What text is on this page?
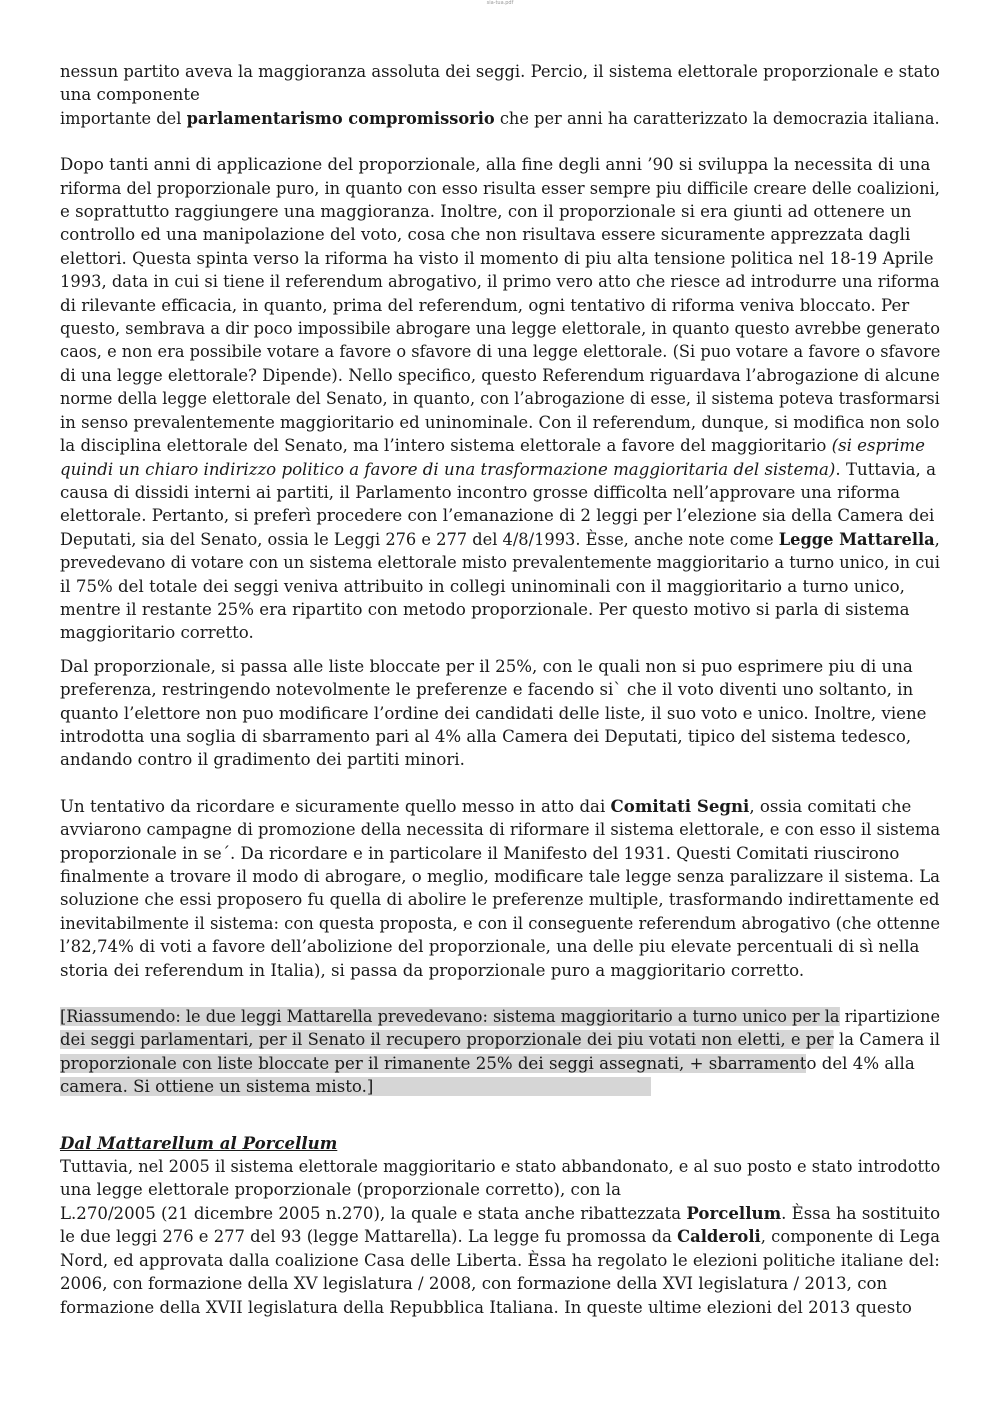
sia-tua.pdf
nessun partito aveva la maggioranza assoluta dei seggi. Percio, il sistema elettorale proporzionale e stato
una componente
importante del parlamentarismo compromissorio che per anni ha caratterizzato la democrazia italiana.
Dopo tanti anni di applicazione del proporzionale, alla fine degli anni ’90 si sviluppa la necessita di una
riforma del proporzionale puro, in quanto con esso risulta esser sempre piu difficile creare delle coalizioni,
e soprattutto raggiungere una maggioranza. Inoltre, con il proporzionale si era giunti ad ottenere un
controllo ed una manipolazione del voto, cosa che non risultava essere sicuramente apprezzata dagli
elettori. Questa spinta verso la riforma ha visto il momento di piu alta tensione politica nel 18-19 Aprile
1993, data in cui si tiene il referendum abrogativo, il primo vero atto che riesce ad introdurre una riforma
di rilevante efficacia, in quanto, prima del referendum, ogni tentativo di riforma veniva bloccato. Per
questo, sembrava a dir poco impossibile abrogare una legge elettorale, in quanto questo avrebbe generato
caos, e non era possibile votare a favore o sfavore di una legge elettorale. (Si puo votare a favore o sfavore
di una legge elettorale? Dipende). Nello specifico, questo Referendum riguardava l’abrogazione di alcune
norme della legge elettorale del Senato, in quanto, con l’abrogazione di esse, il sistema poteva trasformarsi
in senso prevalentemente maggioritario ed uninominale. Con il referendum, dunque, si modifica non solo
la disciplina elettorale del Senato, ma l’intero sistema elettorale a favore del maggioritario (si esprime
quindi un chiaro indirizzo politico a favore di una trasformazione maggioritaria del sistema). Tuttavia, a
causa di dissidi interni ai partiti, il Parlamento incontro grosse difficolta nell’approvare una riforma
elettorale. Pertanto, si preferì procedere con l’emanazione di 2 leggi per l’elezione sia della Camera dei
Deputati, sia del Senato, ossia le Leggi 276 e 277 del 4/8/1993. Èsse, anche note come Legge Mattarella,
prevedevano di votare con un sistema elettorale misto prevalentemente maggioritario a turno unico, in cui
il 75% del totale dei seggi veniva attribuito in collegi uninominali con il maggioritario a turno unico,
mentre il restante 25% era ripartito con metodo proporzionale. Per questo motivo si parla di sistema
maggioritario corretto.
Dal proporzionale, si passa alle liste bloccate per il 25%, con le quali non si puo esprimere piu di una
preferenza, restringendo notevolmente le preferenze e facendo si` che il voto diventi uno soltanto, in
quanto l’elettore non puo modificare l’ordine dei candidati delle liste, il suo voto e unico. Inoltre, viene
introdotta una soglia di sbarramento pari al 4% alla Camera dei Deputati, tipico del sistema tedesco,
andando contro il gradimento dei partiti minori.
Un tentativo da ricordare e sicuramente quello messo in atto dai Comitati Segni, ossia comitati che
avviarono campagne di promozione della necessita di riformare il sistema elettorale, e con esso il sistema
proporzionale in se´. Da ricordare e in particolare il Manifesto del 1931. Questi Comitati riuscirono
finalmente a trovare il modo di abrogare, o meglio, modificare tale legge senza paralizzare il sistema. La
soluzione che essi proposero fu quella di abolire le preferenze multiple, trasformando indirettamente ed
inevitabilmente il sistema: con questa proposta, e con il conseguente referendum abrogativo (che ottenne
l’82,74% di voti a favore dell’abolizione del proporzionale, una delle piu elevate percentuali di sì nella
storia dei referendum in Italia), si passa da proporzionale puro a maggioritario corretto.
[Riassumendo: le due leggi Mattarella prevedevano: sistema maggioritario a turno unico per la ripartizione
dei seggi parlamentari, per il Senato il recupero proporzionale dei piu votati non eletti, e per la Camera il
proporzionale con liste bloccate per il rimanente 25% dei seggi assegnati, + sbarramento del 4% alla
camera. Si ottiene un sistema misto.]
Dal Mattarellum al Porcellum
Tuttavia, nel 2005 il sistema elettorale maggioritario e stato abbandonato, e al suo posto e stato introdotto
una legge elettorale proporzionale (proporzionale corretto), con la
L.270/2005 (21 dicembre 2005 n.270), la quale e stata anche ribattezzata Porcellum. Èssa ha sostituito
le due leggi 276 e 277 del 93 (legge Mattarella). La legge fu promossa da Calderoli, componente di Lega
Nord, ed approvata dalla coalizione Casa delle Liberta. Èssa ha regolato le elezioni politiche italiane del:
2006, con formazione della XV legislatura / 2008, con formazione della XVI legislatura / 2013, con
formazione della XVII legislatura della Repubblica Italiana. In queste ultime elezioni del 2013 questo
